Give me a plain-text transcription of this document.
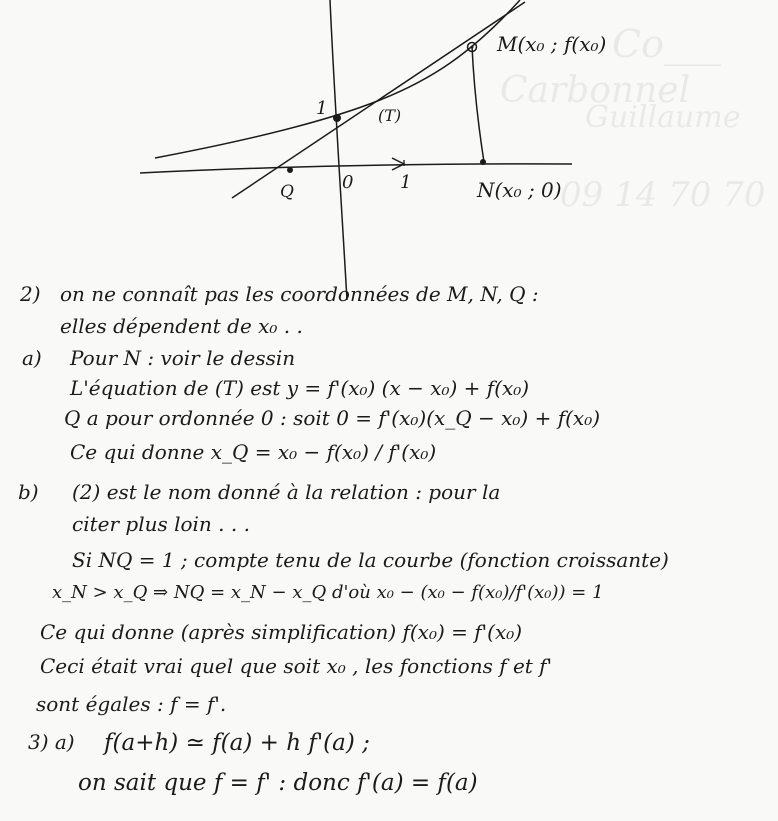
Co___
Carbonnel
Guillaume
09 14 70 70
M(x₀ ; f(x₀)
N(x₀ ; 0)
Q
(T)
0	1
1
2) on ne connaît pas les coordonnées de M, N, Q :
elles dépendent de x₀ . .
a) Pour N : voir le dessin
L'équation de (T) est y = f'(x₀) (x − x₀) + f(x₀)
Q a pour ordonnée 0 : soit 0 = f'(x₀)(x_Q − x₀) + f(x₀)
Ce qui donne x_Q = x₀ − f(x₀) / f'(x₀)
b) (2) est le nom donné à la relation : pour la
citer plus loin . . .
Si NQ = 1 ; compte tenu de la courbe (fonction croissante)
x_N > x_Q ⇒ NQ = x_N − x_Q d'où x₀ − (x₀ − f(x₀)/f'(x₀)) = 1
Ce qui donne (après simplification) f(x₀) = f'(x₀)
Ceci était vrai quel que soit x₀ , les fonctions f et f'
sont égales : f = f'.
3) a) f(a+h) ≃ f(a) + h f'(a) ;
on sait que f = f' : donc f'(a) = f(a)
